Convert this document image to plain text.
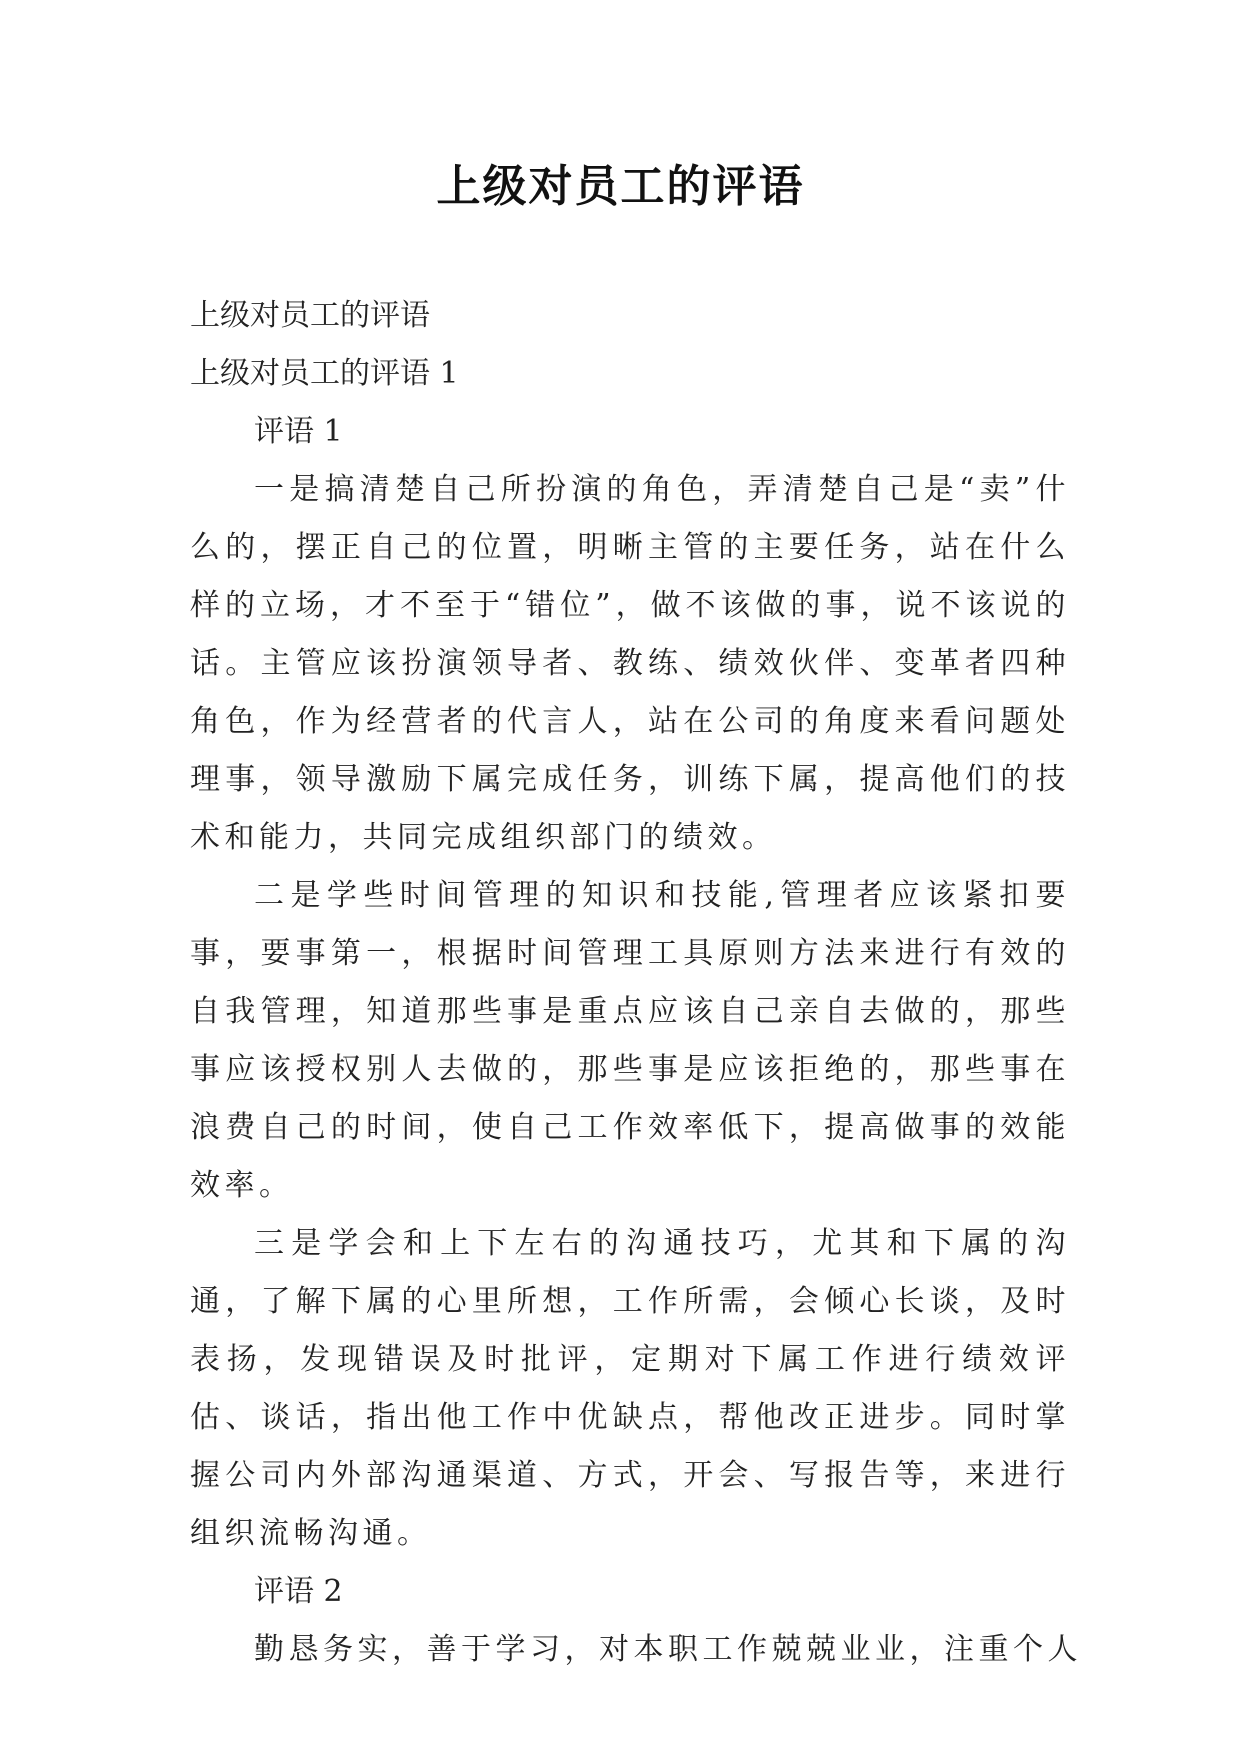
上级对员工的评语

上级对员工的评语

上级对员工的评语 1

评语 1

一是搞清楚自己所扮演的角色，弄清楚自己是“卖”什么的，摆正自己的位置，明晰主管的主要任务，站在什么样的立场，才不至于“错位”，做不该做的事，说不该说的话。主管应该扮演领导者、教练、绩效伙伴、变革者四种角色，作为经营者的代言人，站在公司的角度来看问题处理事，领导激励下属完成任务，训练下属，提高他们的技术和能力，共同完成组织部门的绩效。

二是学些时间管理的知识和技能,管理者应该紧扣要事，要事第一，根据时间管理工具原则方法来进行有效的自我管理，知道那些事是重点应该自己亲自去做的，那些事应该授权别人去做的，那些事是应该拒绝的，那些事在浪费自己的时间，使自己工作效率低下，提高做事的效能效率。

三是学会和上下左右的沟通技巧，尤其和下属的沟通，了解下属的心里所想，工作所需，会倾心长谈，及时表扬，发现错误及时批评，定期对下属工作进行绩效评估、谈话，指出他工作中优缺点，帮他改正进步。同时掌握公司内外部沟通渠道、方式，开会、写报告等，来进行组织流畅沟通。

评语 2

勤恳务实，善于学习，对本职工作兢兢业业，注重个人
